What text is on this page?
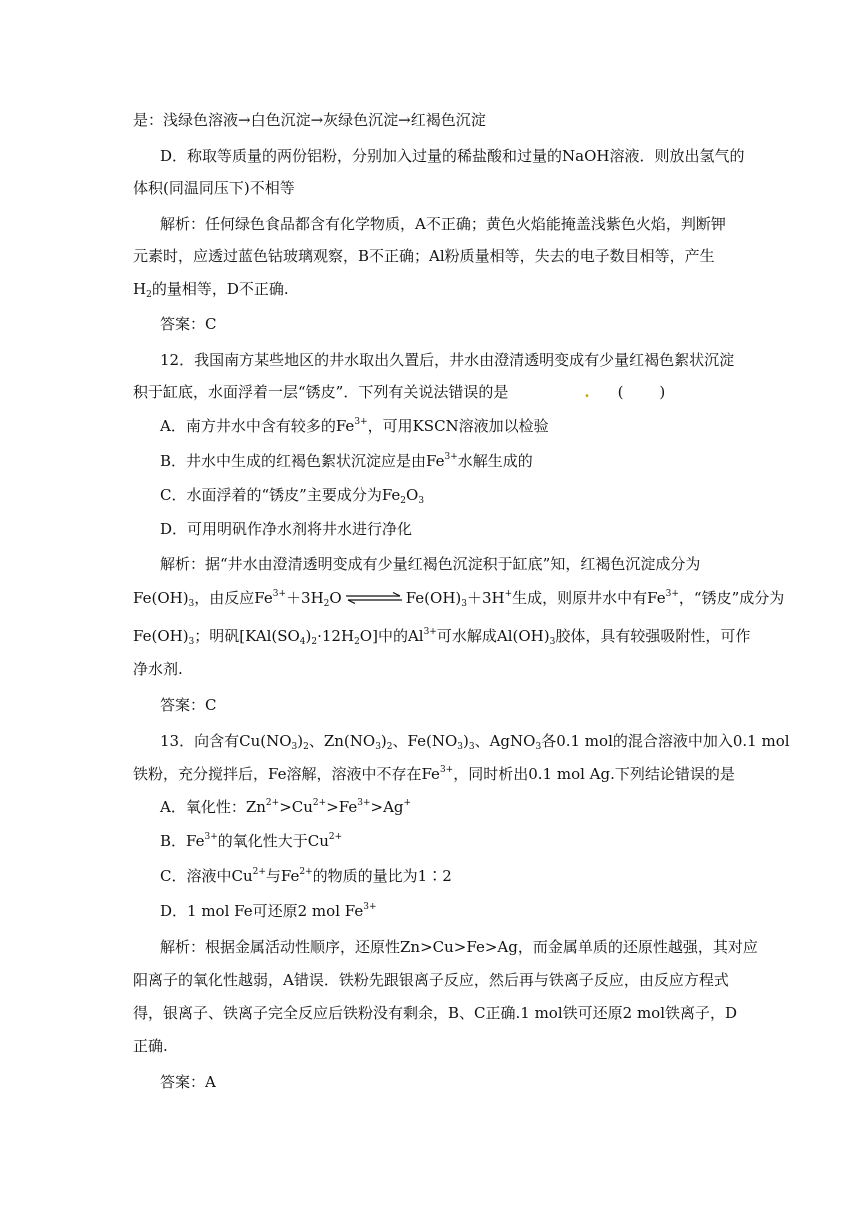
是：浅绿色溶液→白色沉淀→灰绿色沉淀→红褐色沉淀
D．称取等质量的两份铝粉，分别加入过量的稀盐酸和过量的NaOH溶液．则放出氢气的
体积(同温同压下)不相等
解析：任何绿色食品都含有化学物质，A不正确；黄色火焰能掩盖浅紫色火焰，判断钾
元素时，应透过蓝色钴玻璃观察，B不正确；Al粉质量相等，失去的电子数目相等，产生
$H_2$的量相等，D不正确.
答案：C
12．我国南方某些地区的井水取出久置后，井水由澄清透明变成有少量红褐色絮状沉淀
积于缸底，水面浮着一层“锈皮”．下列有关说法错误的是	. (　　)
A．南方井水中含有较多的$Fe^{3+}$，可用KSCN溶液加以检验
B．井水中生成的红褐色絮状沉淀应是由$Fe^{3+}$水解生成的
C．水面浮着的“锈皮”主要成分为$Fe_2O_3$
D．可用明矾作净水剂将井水进行净化
解析：据“井水由澄清透明变成有少量红褐色沉淀积于缸底”知，红褐色沉淀成分为
$Fe(OH)_3$，由反应$Fe^{3+}+3H_2O$ ⇌ $Fe(OH)_3+3H^+$生成，则原井水中有$Fe^{3+}$，“锈皮”成分为
$Fe(OH)_3$；明矾$[KAl(SO_4)_2\cdot 12H_2O]$中的$Al^{3+}$可水解成$Al(OH)_3$胶体，具有较强吸附性，可作
净水剂.
答案：C
13．向含有$Cu(NO_3)_2$、$Zn(NO_3)_2$、$Fe(NO_3)_3$、AgNO$_3$各0.1 mol的混合溶液中加入0.1 mol
铁粉，充分搅拌后，Fe溶解，溶液中不存在$Fe^{3+}$，同时析出0.1 mol Ag.下列结论错误的是
A．氧化性：$Zn^{2+}>Cu^{2+}>Fe^{3+}>Ag^+$
B．$Fe^{3+}$的氧化性大于$Cu^{2+}$
C．溶液中$Cu^{2+}$与$Fe^{2+}$的物质的量比为1∶2
D．1 mol Fe可还原2 mol $Fe^{3+}$
解析：根据金属活动性顺序，还原性Zn>Cu>Fe>Ag，而金属单质的还原性越强，其对应
阳离子的氧化性越弱，A错误．铁粉先跟银离子反应，然后再与铁离子反应，由反应方程式
得，银离子、铁离子完全反应后铁粉没有剩余，B、C正确.1 mol铁可还原2 mol铁离子，D
正确.
答案：A
